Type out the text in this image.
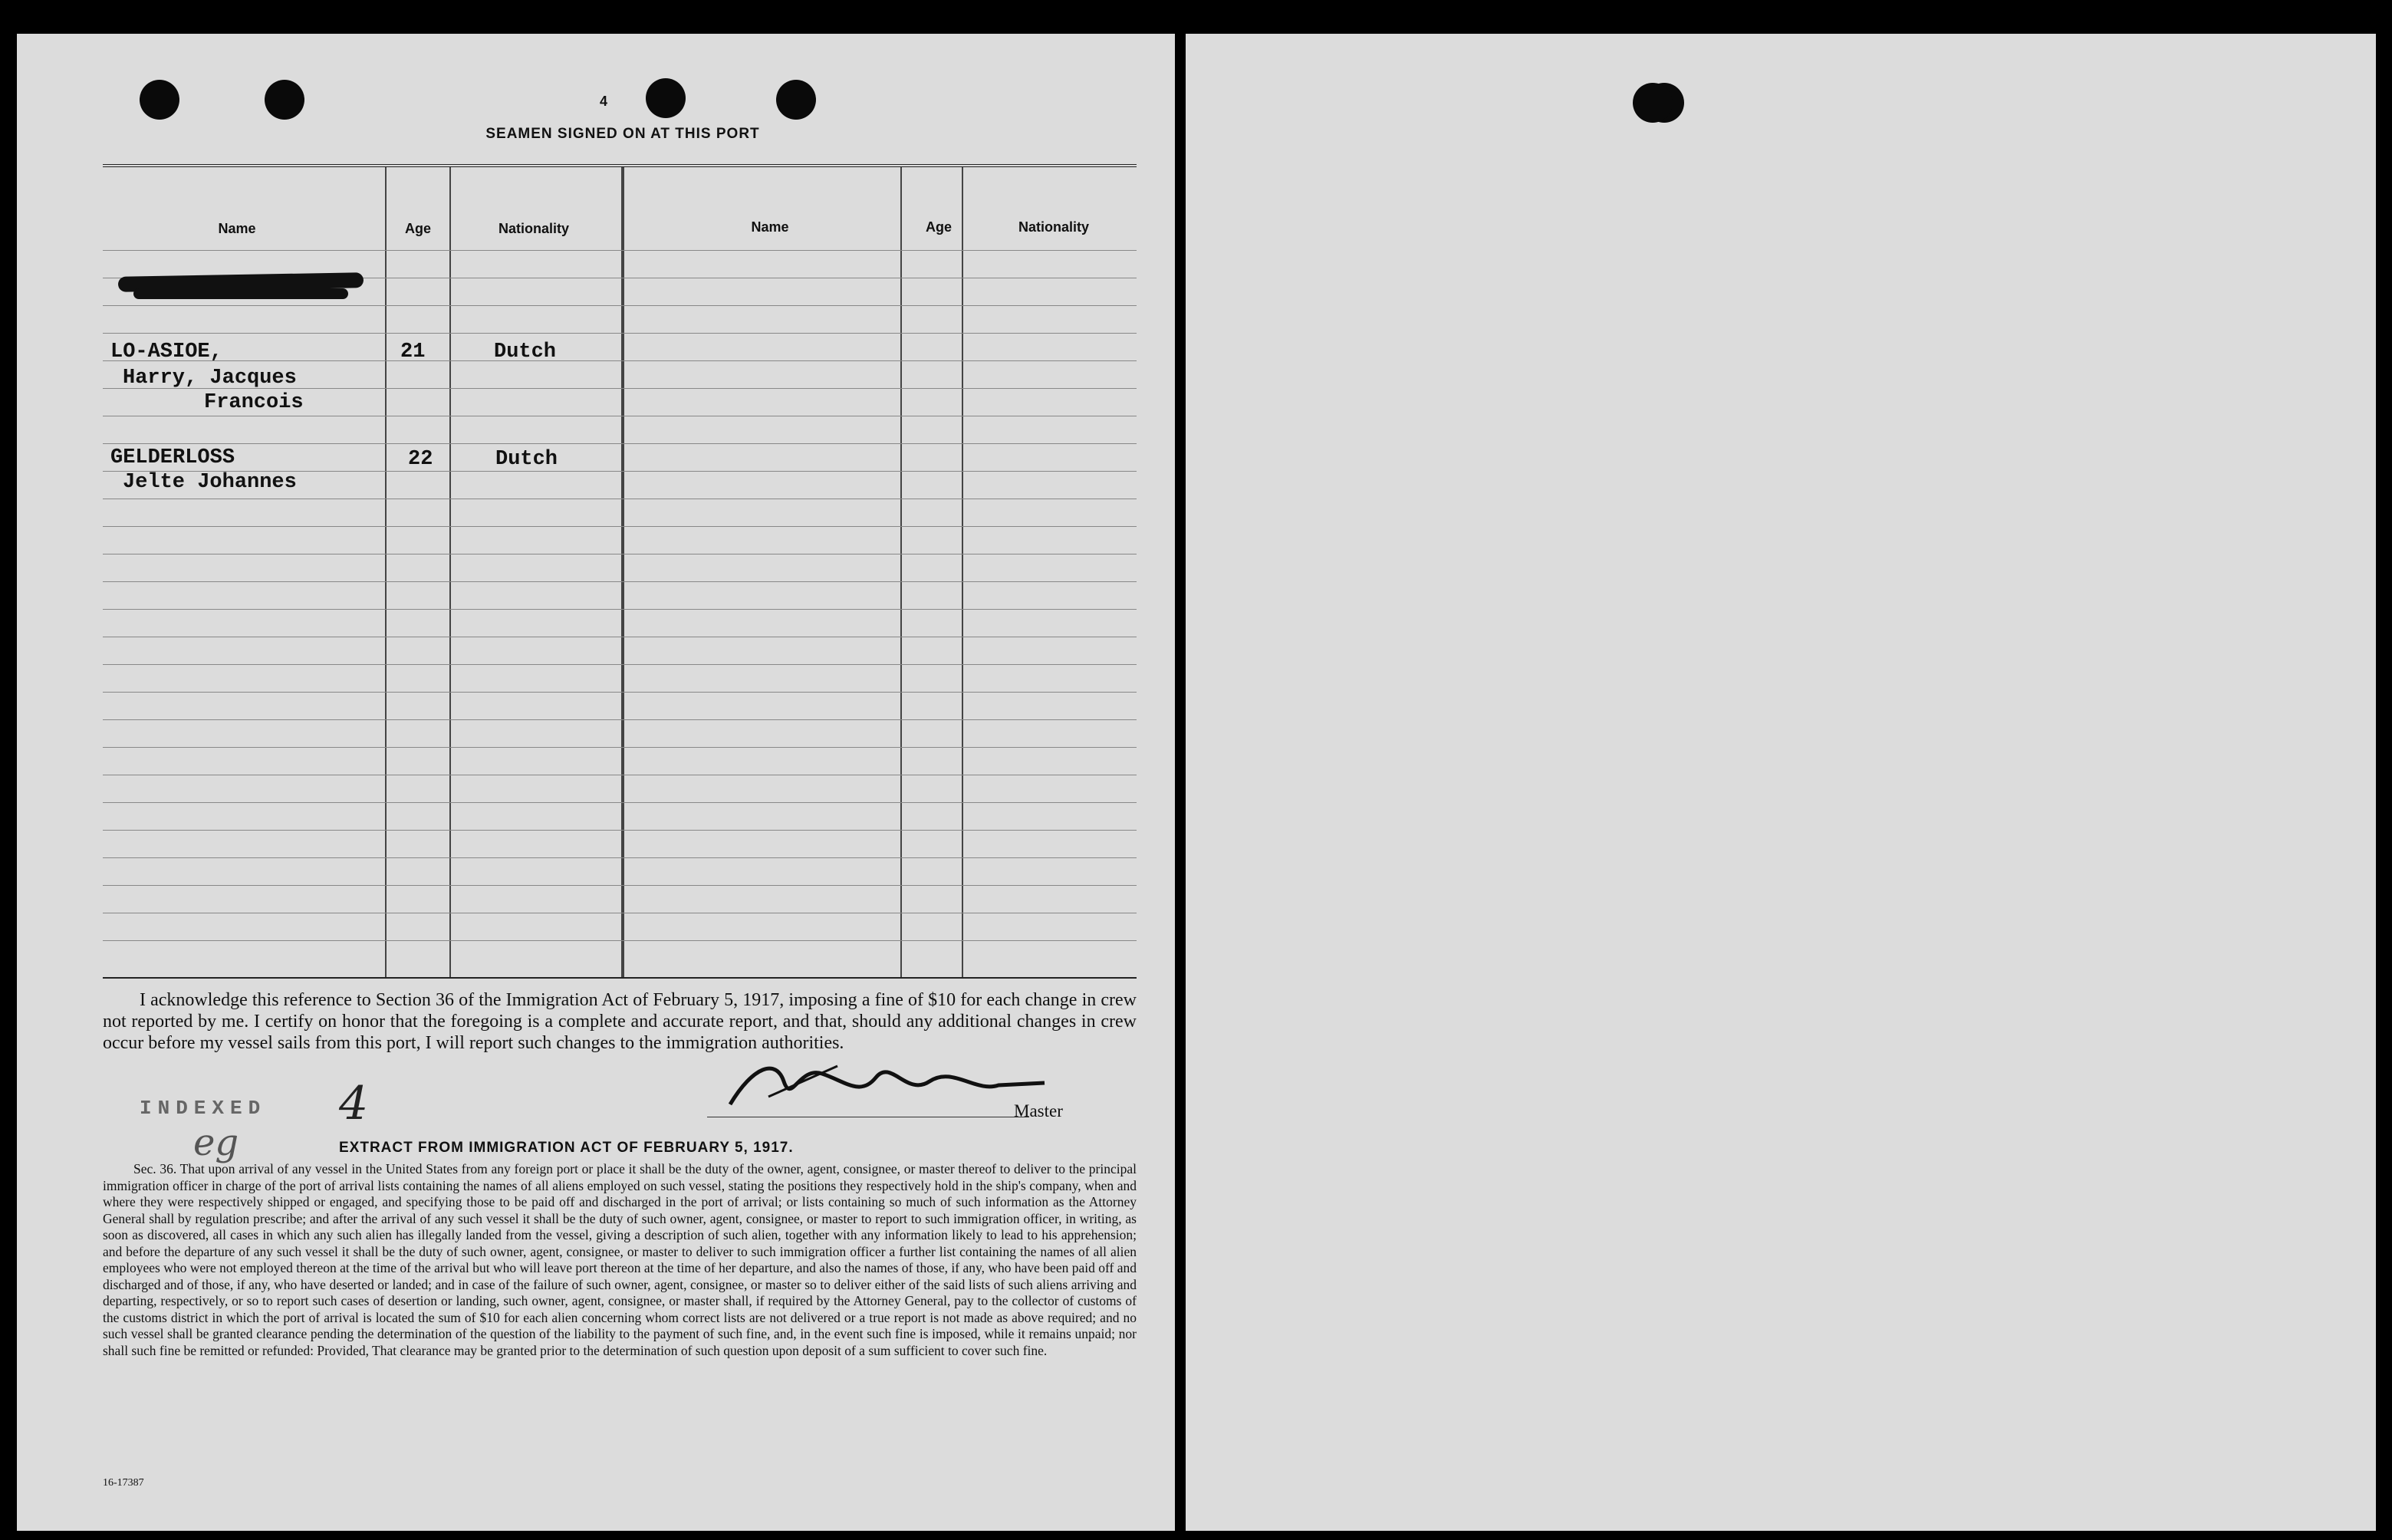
4
SEAMEN SIGNED ON AT THIS PORT
Name	Age	Nationality	Name	Age	Nationality
LO-ASIOE,
Harry, Jacques
Francois
21	Dutch
GELDERLOSS
Jelte Johannes
22	Dutch
I acknowledge this reference to Section 36 of the Immigration Act of February 5, 1917, imposing a fine of $10 for each change in crew not reported by me. I certify on honor that the foregoing is a complete and accurate report, and that, should any additional changes in crew occur before my vessel sails from this port, I will report such changes to the immigration authorities.
INDEXED 4
eg
Master
EXTRACT FROM IMMIGRATION ACT OF FEBRUARY 5, 1917.
Sec. 36. That upon arrival of any vessel in the United States from any foreign port or place it shall be the duty of the owner, agent, consignee, or master thereof to deliver to the principal immigration officer in charge of the port of arrival lists containing the names of all aliens employed on such vessel, stating the positions they respectively hold in the ship's company, when and where they were respectively shipped or engaged, and specifying those to be paid off and discharged in the port of arrival; or lists containing so much of such information as the Attorney General shall by regulation prescribe; and after the arrival of any such vessel it shall be the duty of such owner, agent, consignee, or master to report to such immigration officer, in writing, as soon as discovered, all cases in which any such alien has illegally landed from the vessel, giving a description of such alien, together with any information likely to lead to his apprehension; and before the departure of any such vessel it shall be the duty of such owner, agent, consignee, or master to deliver to such immigration officer a further list containing the names of all alien employees who were not employed thereon at the time of the arrival but who will leave port thereon at the time of her departure, and also the names of those, if any, who have been paid off and discharged and of those, if any, who have deserted or landed; and in case of the failure of such owner, agent, consignee, or master so to deliver either of the said lists of such aliens arriving and departing, respectively, or so to report such cases of desertion or landing, such owner, agent, consignee, or master shall, if required by the Attorney General, pay to the collector of customs of the customs district in which the port of arrival is located the sum of $10 for each alien concerning whom correct lists are not delivered or a true report is not made as above required; and no such vessel shall be granted clearance pending the determination of the question of the liability to the payment of such fine, and, in the event such fine is imposed, while it remains unpaid; nor shall such fine be remitted or refunded: Provided, That clearance may be granted prior to the determination of such question upon deposit of a sum sufficient to cover such fine.
16-17387
